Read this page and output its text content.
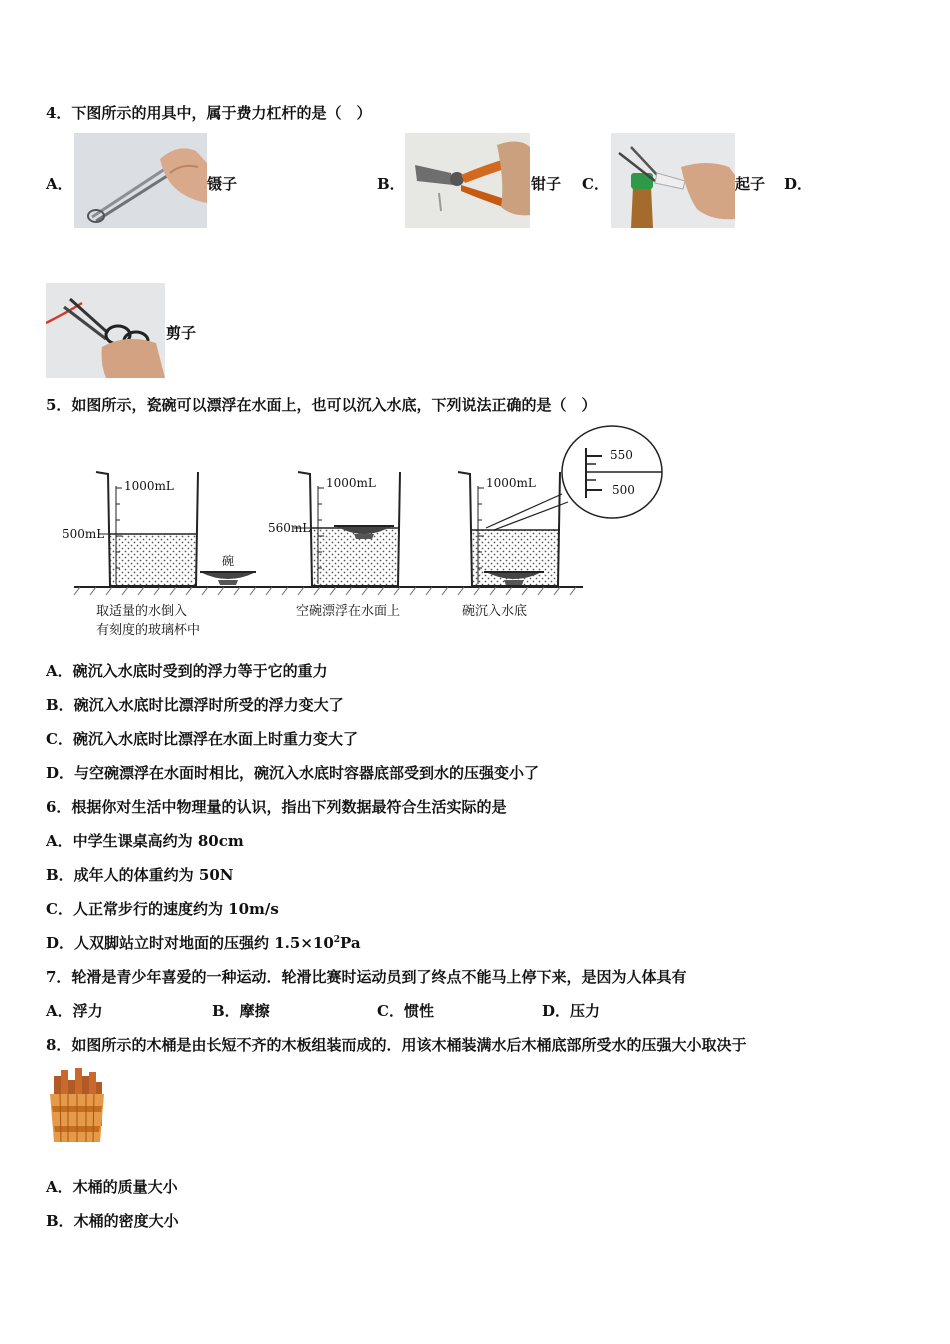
4．下图所示的用具中，属于费力杠杆的是（　）
A．	镊子	B．	钳子 C．	起子 D．
剪子
5．如图所示，瓷碗可以漂浮在水面上，也可以沉入水底，下列说法正确的是（　）
1000mL	1000mL	1000mL
500mL	560mL
碗
550
500
取适量的水倒入
有刻度的玻璃杯中
空碗漂浮在水面上	碗沉入水底
A．碗沉入水底时受到的浮力等于它的重力
B．碗沉入水底时比漂浮时所受的浮力变大了
C．碗沉入水底时比漂浮在水面上时重力变大了
D．与空碗漂浮在水面时相比，碗沉入水底时容器底部受到水的压强变小了
6．根据你对生活中物理量的认识，指出下列数据最符合生活实际的是
A．中学生课桌高约为 80cm
B．成年人的体重约为 50N
C．人正常步行的速度约为 10m/s
D．人双脚站立时对地面的压强约 $1.5\times 10^2Pa$
7．轮滑是青少年喜爱的一种运动．轮滑比赛时运动员到了终点不能马上停下来，是因为人体具有
A．浮力	B．摩擦	C．惯性	D．压力
8．如图所示的木桶是由长短不齐的木板组装而成的．用该木桶装满水后木桶底部所受水的压强大小取决于
A．木桶的质量大小
B．木桶的密度大小
